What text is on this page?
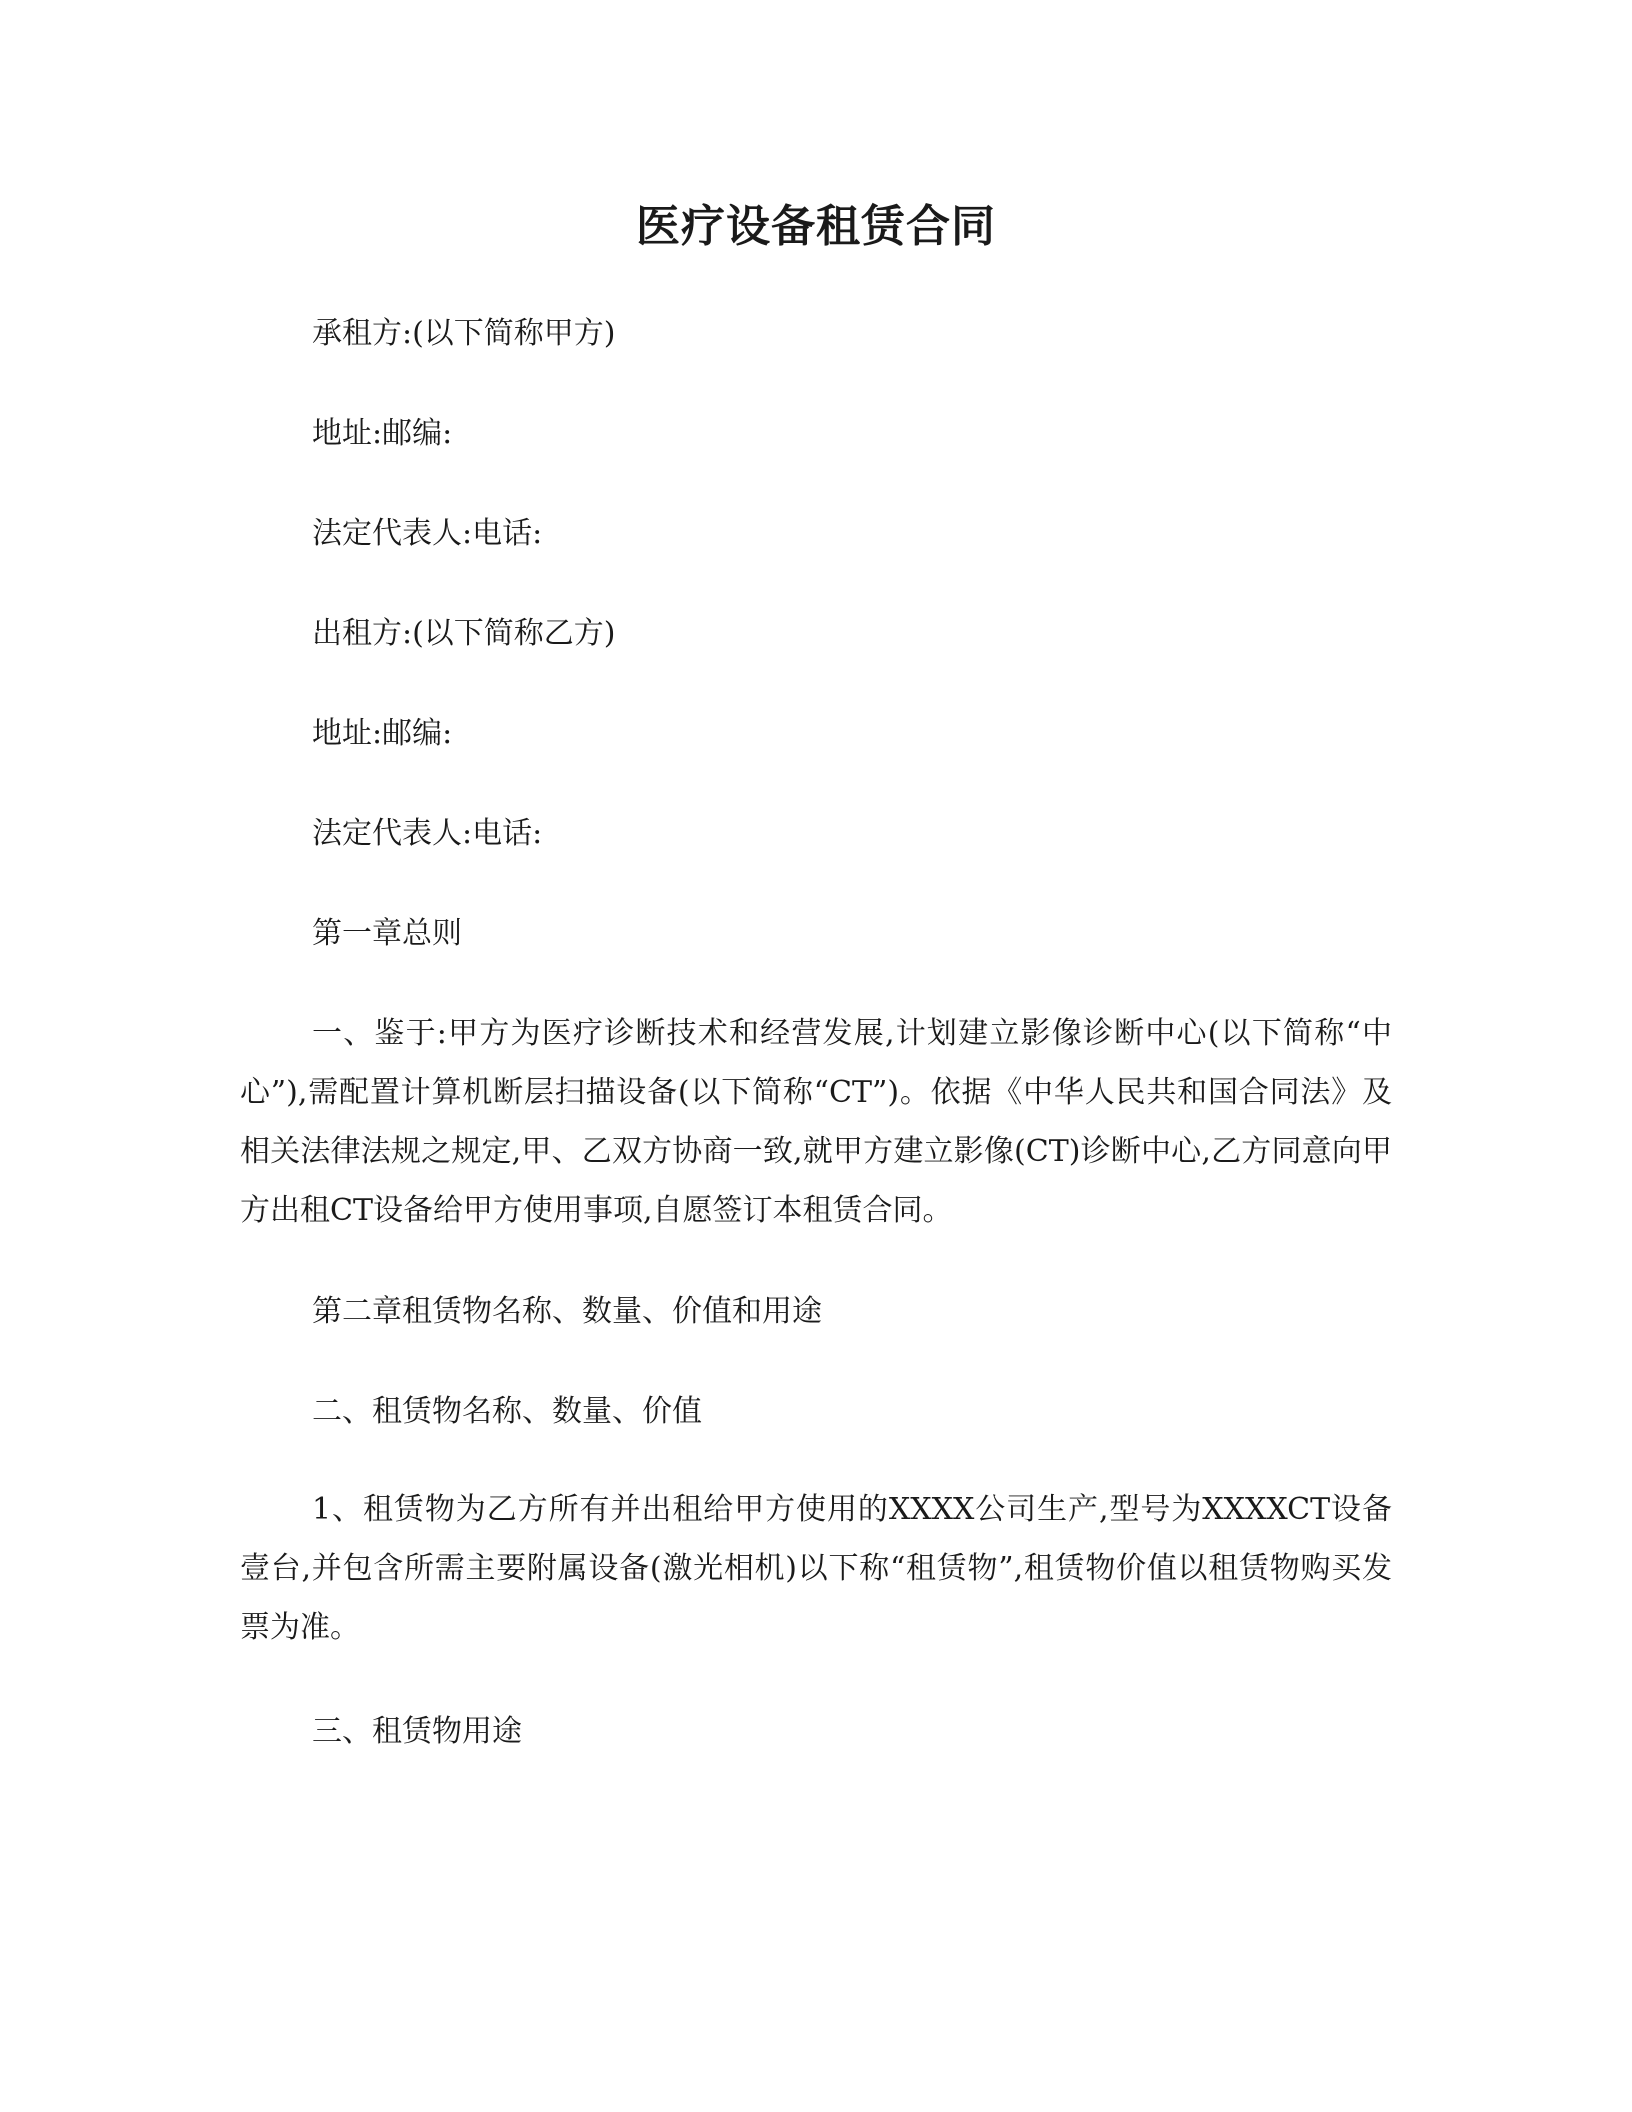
医疗设备租赁合同

承租方:(以下简称甲方)

地址:邮编:

法定代表人:电话:

出租方:(以下简称乙方)

地址:邮编:

法定代表人:电话:

第一章总则

一、鉴于:甲方为医疗诊断技术和经营发展,计划建立影像诊断中心(以下简称“中心”),需配置计算机断层扫描设备(以下简称“CT”)。依据《中华人民共和国合同法》及相关法律法规之规定,甲、乙双方协商一致,就甲方建立影像(CT)诊断中心,乙方同意向甲方出租CT设备给甲方使用事项,自愿签订本租赁合同。

第二章租赁物名称、数量、价值和用途

二、租赁物名称、数量、价值

1、租赁物为乙方所有并出租给甲方使用的XXXX公司生产,型号为XXXXCT设备壹台,并包含所需主要附属设备(激光相机)以下称“租赁物”,租赁物价值以租赁物购买发票为准。

三、租赁物用途
